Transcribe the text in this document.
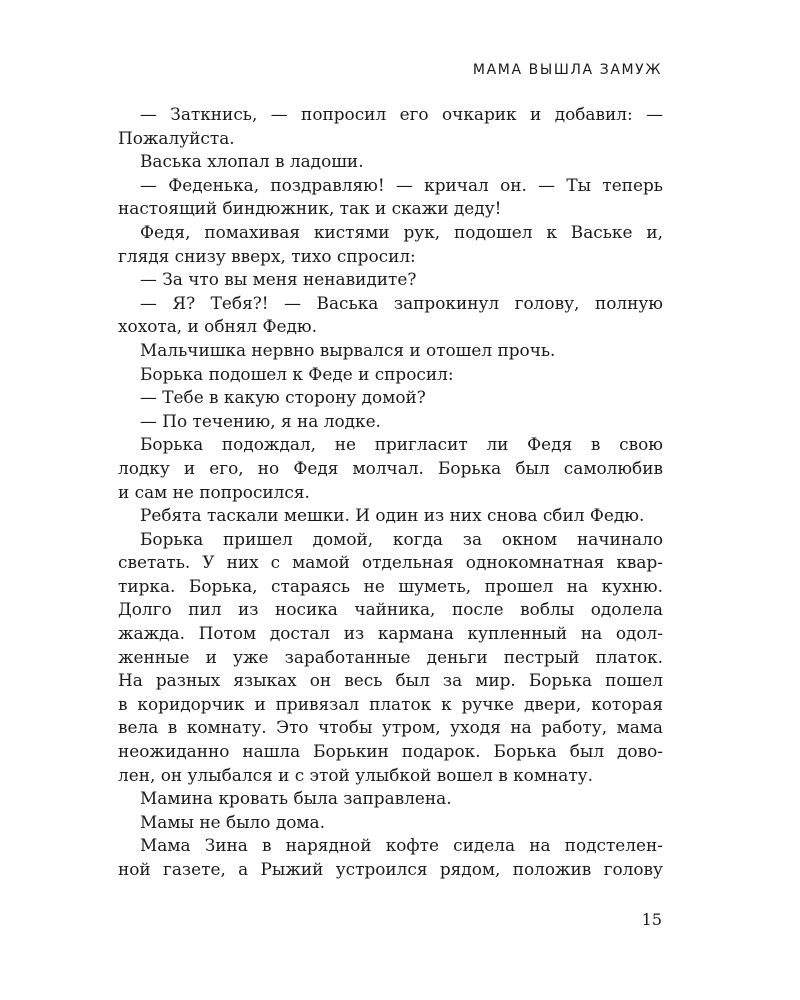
МАМА ВЫШЛА ЗАМУЖ
— Заткнись, — попросил его очкарик и добавил: —
Пожалуйста.
Васька хлопал в ладоши.
— Феденька, поздравляю! — кричал он. — Ты теперь
настоящий биндюжник, так и скажи деду!
Федя, помахивая кистями рук, подошел к Ваське и,
глядя снизу вверх, тихо спросил:
— За что вы меня ненавидите?
— Я? Тебя?! — Васька запрокинул голову, полную
хохота, и обнял Федю.
Мальчишка нервно вырвался и отошел прочь.
Борька подошел к Феде и спросил:
— Тебе в какую сторону домой?
— По течению, я на лодке.
Борька подождал, не пригласит ли Федя в свою
лодку и его, но Федя молчал. Борька был самолюбив
и сам не попросился.
Ребята таскали мешки. И один из них снова сбил Федю.
Борька пришел домой, когда за окном начинало
светать. У них с мамой отдельная однокомнатная квар-
тирка. Борька, стараясь не шуметь, прошел на кухню.
Долго пил из носика чайника, после воблы одолела
жажда. Потом достал из кармана купленный на одол-
женные и уже заработанные деньги пестрый платок.
На разных языках он весь был за мир. Борька пошел
в коридорчик и привязал платок к ручке двери, которая
вела в комнату. Это чтобы утром, уходя на работу, мама
неожиданно нашла Борькин подарок. Борька был дово-
лен, он улыбался и с этой улыбкой вошел в комнату.
Мамина кровать была заправлена.
Мамы не было дома.
Мама Зина в нарядной кофте сидела на подстелен-
ной газете, а Рыжий устроился рядом, положив голову
15
